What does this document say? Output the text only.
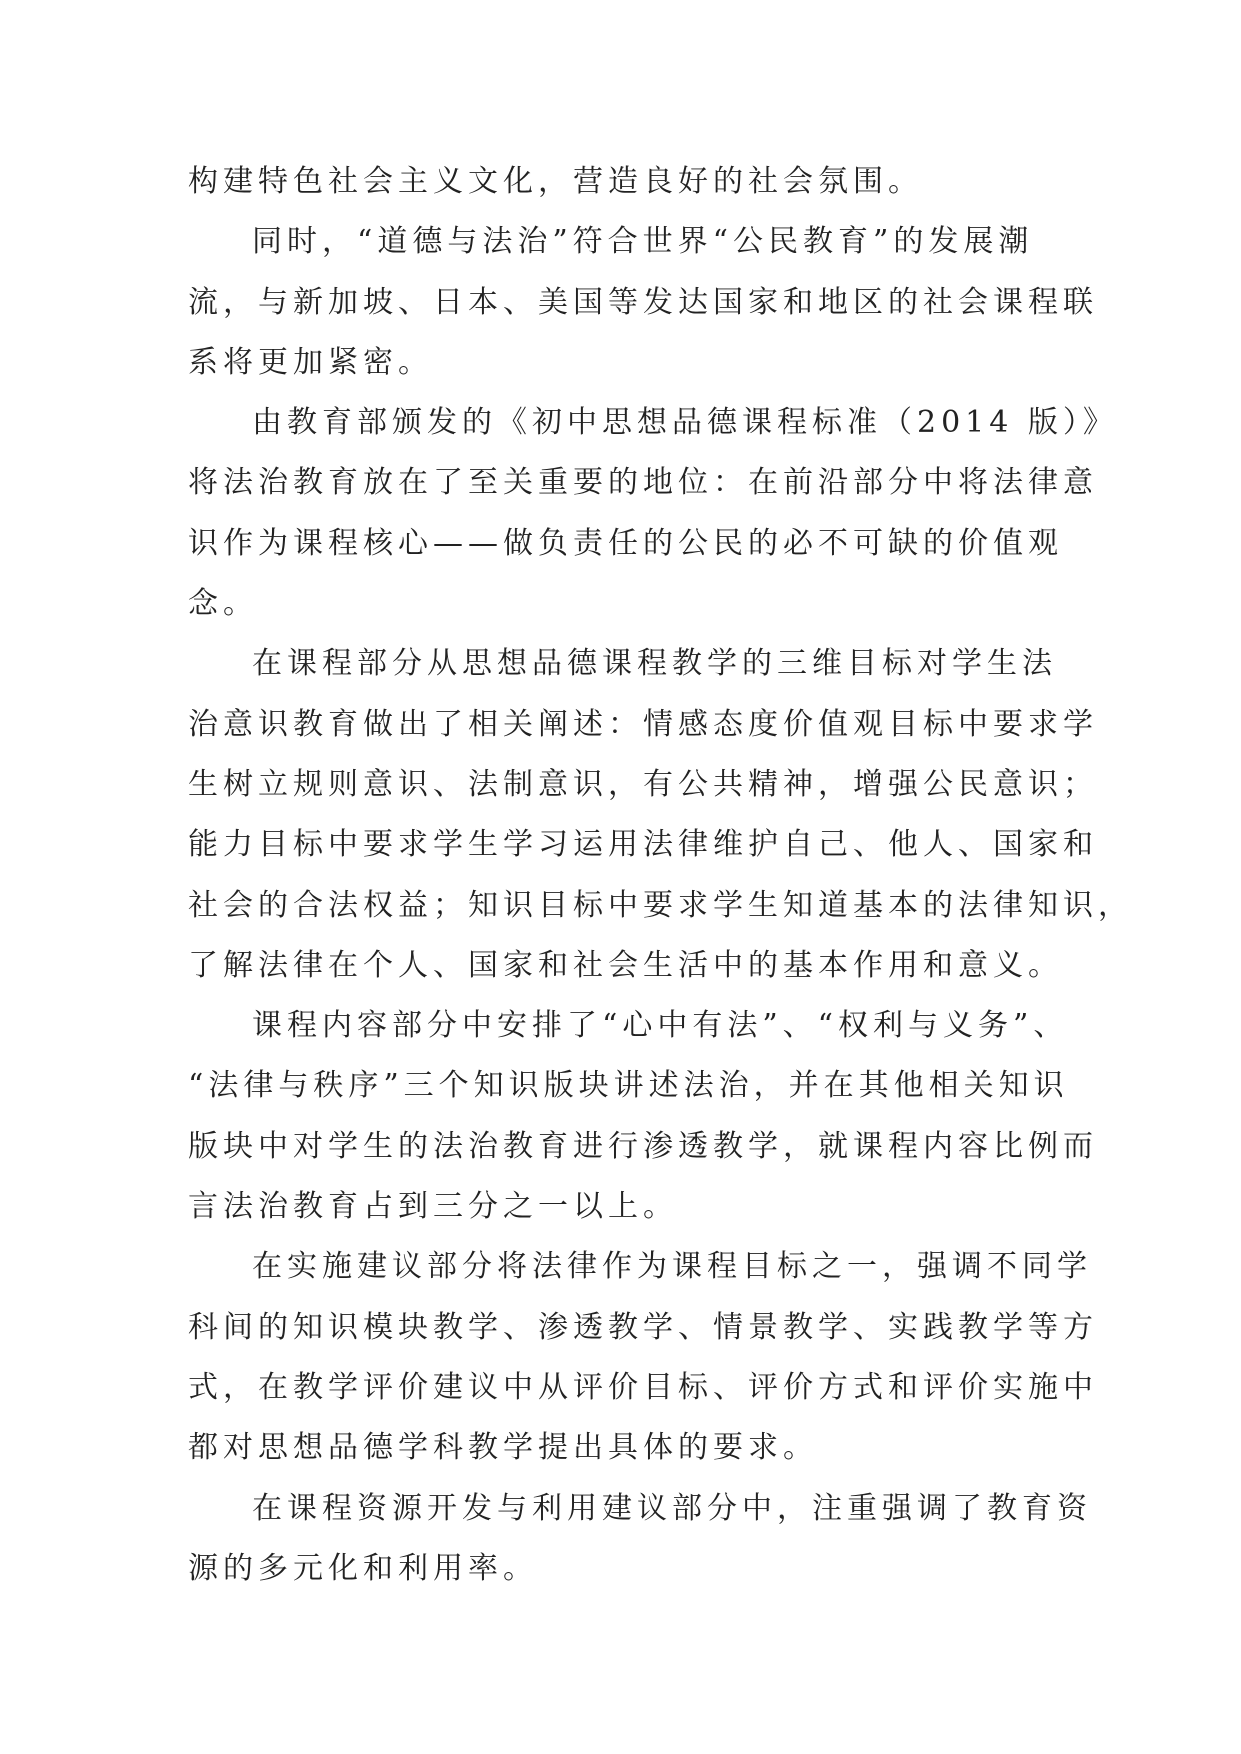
构建特色社会主义文化，营造良好的社会氛围。
同时，“道德与法治”符合世界“公民教育”的发展潮
流，与新加坡、日本、美国等发达国家和地区的社会课程联
系将更加紧密。
由教育部颁发的《初中思想品德课程标准（2014 版）》
将法治教育放在了至关重要的地位：在前沿部分中将法律意
识作为课程核心——做负责任的公民的必不可缺的价值观
念。
在课程部分从思想品德课程教学的三维目标对学生法
治意识教育做出了相关阐述：情感态度价值观目标中要求学
生树立规则意识、法制意识，有公共精神，增强公民意识；
能力目标中要求学生学习运用法律维护自己、他人、国家和
社会的合法权益；知识目标中要求学生知道基本的法律知识，
了解法律在个人、国家和社会生活中的基本作用和意义。
课程内容部分中安排了“心中有法”、“权利与义务”、
“法律与秩序”三个知识版块讲述法治，并在其他相关知识
版块中对学生的法治教育进行渗透教学，就课程内容比例而
言法治教育占到三分之一以上。
在实施建议部分将法律作为课程目标之一，强调不同学
科间的知识模块教学、渗透教学、情景教学、实践教学等方
式，在教学评价建议中从评价目标、评价方式和评价实施中
都对思想品德学科教学提出具体的要求。
在课程资源开发与利用建议部分中，注重强调了教育资
源的多元化和利用率。
